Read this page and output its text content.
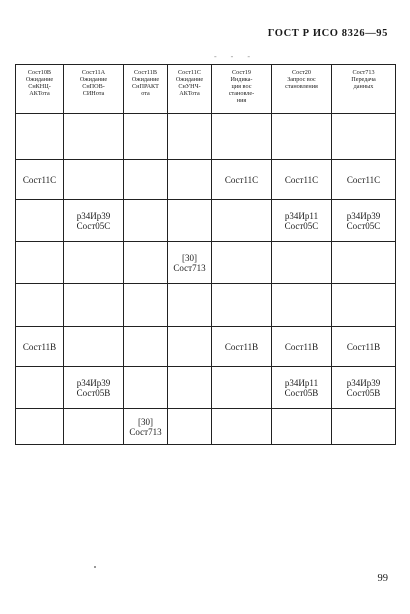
ГОСТ Р ИСО 8326—95
- - -
Сост10В
Ожидание
СнКНЦ-
АКТота	Сост11А
Ожидание
СнПОВ-
СИНота	Сост11В
Ожидание
СнПРАКТ
ота	Сост11С
Ожидание
СнУНЧ-
АКТота	Сост19
Индика-
ция вос
становле-
ния	Сост20
Запрос вос
становления	Сост713
Передача
данных

Сост11С				Сост11С	Сост11С	Сост11С

	р34Ир39
Сост05С				р34Ир11
Сост05С	р34Ир39
Сост05С

			[30]
Сост713			

Сост11В				Сост11В	Сост11В	Сост11В

	р34Ир39
Сост05В				р34Ир11
Сост05В	р34Ир39
Сост05В

		[30]
Сост713				

99
